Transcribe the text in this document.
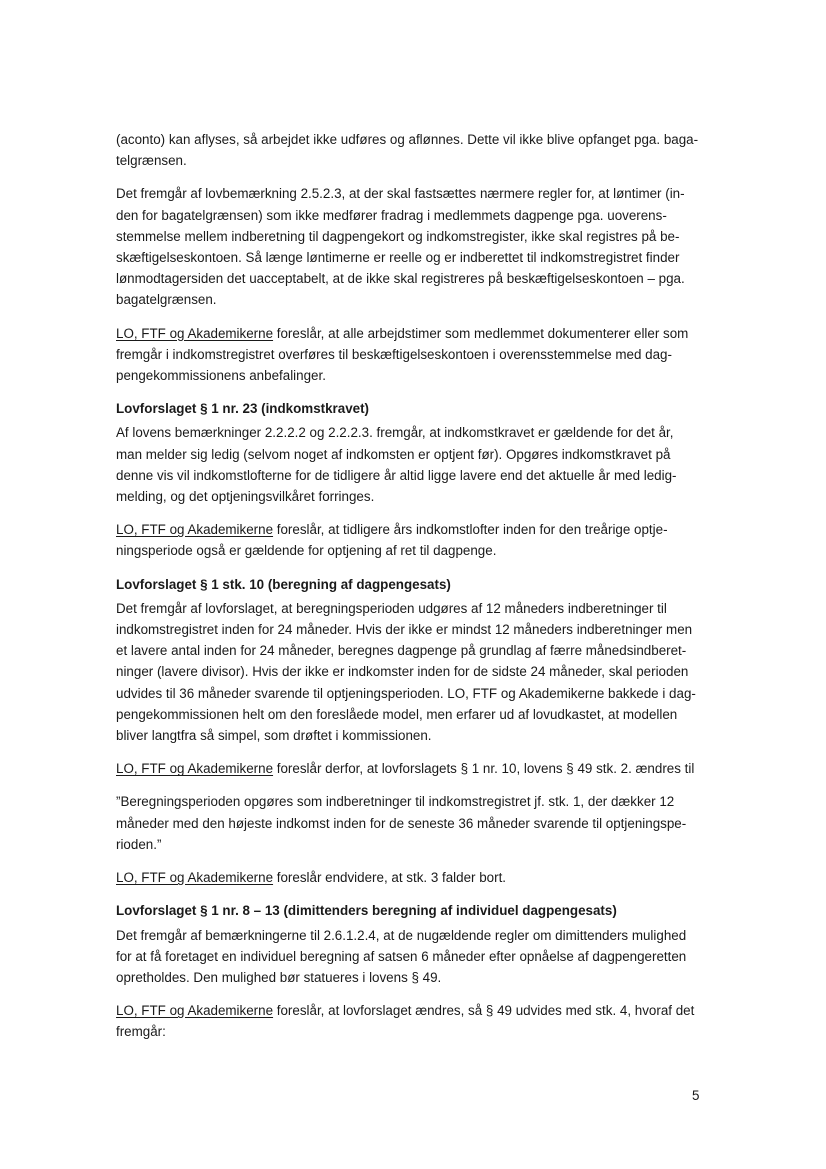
(aconto) kan aflyses, så arbejdet ikke udføres og aflønnes. Dette vil ikke blive opfanget pga. baga-
telgrænsen.

Det fremgår af lovbemærkning 2.5.2.3, at der skal fastsættes nærmere regler for, at løntimer (in-
den for bagatelgrænsen) som ikke medfører fradrag i medlemmets dagpenge pga. uoverens-
stemmelse mellem indberetning til dagpengekort og indkomstregister, ikke skal registres på be-
skæftigelseskontoen. Så længe løntimerne er reelle og er indberettet til indkomstregistret finder
lønmodtagersiden det uacceptabelt, at de ikke skal registreres på beskæftigelseskontoen – pga.
bagatelgrænsen.

LO, FTF og Akademikerne foreslår, at alle arbejdstimer som medlemmet dokumenterer eller som
fremgår i indkomstregistret overføres til beskæftigelseskontoen i overensstemmelse med dag-
pengekommissionens anbefalinger.

Lovforslaget § 1 nr. 23 (indkomstkravet)

Af lovens bemærkninger 2.2.2.2 og 2.2.2.3. fremgår, at indkomstkravet er gældende for det år,
man melder sig ledig (selvom noget af indkomsten er optjent før). Opgøres indkomstkravet på
denne vis vil indkomstlofterne for de tidligere år altid ligge lavere end det aktuelle år med ledig-
melding, og det optjeningsvilkåret forringes.

LO, FTF og Akademikerne foreslår, at tidligere års indkomstlofter inden for den treårige optje-
ningsperiode også er gældende for optjening af ret til dagpenge.

Lovforslaget § 1 stk. 10 (beregning af dagpengesats)

Det fremgår af lovforslaget, at beregningsperioden udgøres af 12 måneders indberetninger til
indkomstregistret inden for 24 måneder. Hvis der ikke er mindst 12 måneders indberetninger men
et lavere antal inden for 24 måneder, beregnes dagpenge på grundlag af færre månedsindberet-
ninger (lavere divisor). Hvis der ikke er indkomster inden for de sidste 24 måneder, skal perioden
udvides til 36 måneder svarende til optjeningsperioden. LO, FTF og Akademikerne bakkede i dag-
pengekommissionen helt om den foreslåede model, men erfarer ud af lovudkastet, at modellen
bliver langtfra så simpel, som drøftet i kommissionen.

LO, FTF og Akademikerne foreslår derfor, at lovforslagets § 1 nr. 10, lovens § 49 stk. 2. ændres til

”Beregningsperioden opgøres som indberetninger til indkomstregistret jf. stk. 1, der dækker 12
måneder med den højeste indkomst inden for de seneste 36 måneder svarende til optjeningspe-
rioden.”

LO, FTF og Akademikerne foreslår endvidere, at stk. 3 falder bort.

Lovforslaget § 1 nr. 8 – 13 (dimittenders beregning af individuel dagpengesats)

Det fremgår af bemærkningerne til 2.6.1.2.4, at de nugældende regler om dimittenders mulighed
for at få foretaget en individuel beregning af satsen 6 måneder efter opnåelse af dagpengeretten
opretholdes. Den mulighed bør statueres i lovens § 49.

LO, FTF og Akademikerne foreslår, at lovforslaget ændres, så § 49 udvides med stk. 4, hvoraf det
fremgår:

5
